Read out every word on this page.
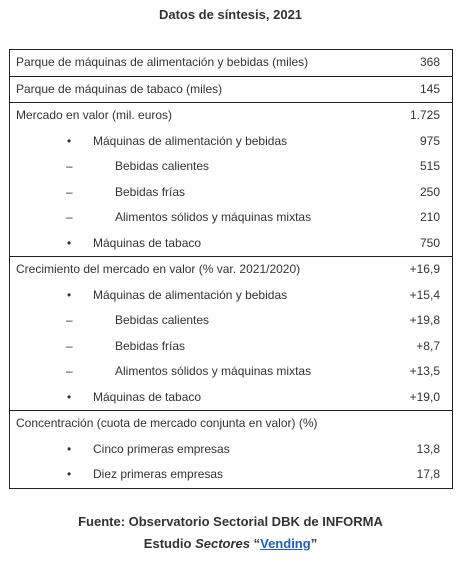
Datos de síntesis, 2021
Parque de máquinas de alimentación y bebidas (miles)	368
Parque de máquinas de tabaco (miles)	145
Mercado en valor (mil. euros)	1.725
• Máquinas de alimentación y bebidas	975
–	Bebidas calientes	515
–	Bebidas frías	250
–	Alimentos sólidos y máquinas mixtas	210
• Máquinas de tabaco	750
Crecimiento del mercado en valor (% var. 2021/2020)	+16,9
• Máquinas de alimentación y bebidas	+15,4
–	Bebidas calientes	+19,8
–	Bebidas frías	+8,7
–	Alimentos sólidos y máquinas mixtas	+13,5
• Máquinas de tabaco	+19,0
Concentración (cuota de mercado conjunta en valor) (%)
• Cinco primeras empresas	13,8
• Diez primeras empresas	17,8
Fuente: Observatorio Sectorial DBK de INFORMA
Estudio Sectores “Vending”
